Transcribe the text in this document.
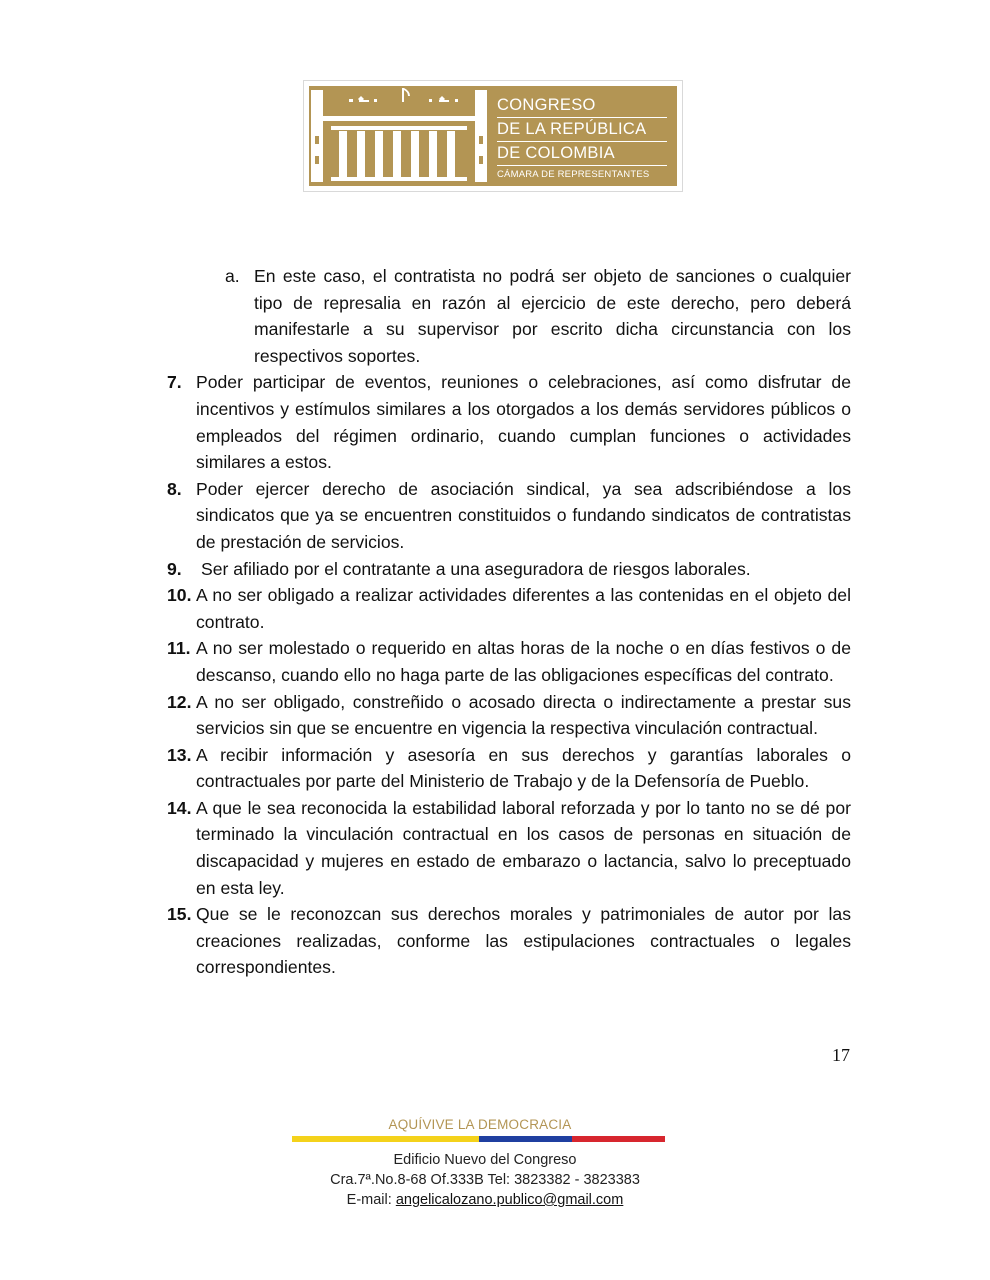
CONGRESO
DE LA REPÚBLICA
DE COLOMBIA
CÁMARA DE REPRESENTANTES
a. En este caso, el contratista no podrá ser objeto de sanciones o cualquier tipo de represalia en razón al ejercicio de este derecho, pero deberá manifestarle a su supervisor por escrito dicha circunstancia con los respectivos soportes.
7. Poder participar de eventos, reuniones o celebraciones, así como disfrutar de incentivos y estímulos similares a los otorgados a los demás servidores públicos o empleados del régimen ordinario, cuando cumplan funciones o actividades similares a estos.
8. Poder ejercer derecho de asociación sindical, ya sea adscribiéndose a los sindicatos que ya se encuentren constituidos o fundando sindicatos de contratistas de prestación de servicios.
9. Ser afiliado por el contratante a una aseguradora de riesgos laborales.
10. A no ser obligado a realizar actividades diferentes a las contenidas en el objeto del contrato.
11. A no ser molestado o requerido en altas horas de la noche o en días festivos o de descanso, cuando ello no haga parte de las obligaciones específicas del contrato.
12. A no ser obligado, constreñido o acosado directa o indirectamente a prestar sus servicios sin que se encuentre en vigencia la respectiva vinculación contractual.
13. A recibir información y asesoría en sus derechos y garantías laborales o contractuales por parte del Ministerio de Trabajo y de la Defensoría de Pueblo.
14. A que le sea reconocida la estabilidad laboral reforzada y por lo tanto no se dé por terminado la vinculación contractual en los casos de personas en situación de discapacidad y mujeres en estado de embarazo o lactancia, salvo lo preceptuado en esta ley.
15. Que se le reconozcan sus derechos morales y patrimoniales de autor por las creaciones realizadas, conforme las estipulaciones contractuales o legales correspondientes.
17
AQUÍVIVE LA DEMOCRACIA
Edificio Nuevo del Congreso
Cra.7ª.No.8-68 Of.333B Tel: 3823382 - 3823383
E-mail: angelicalozano.publico@gmail.com
